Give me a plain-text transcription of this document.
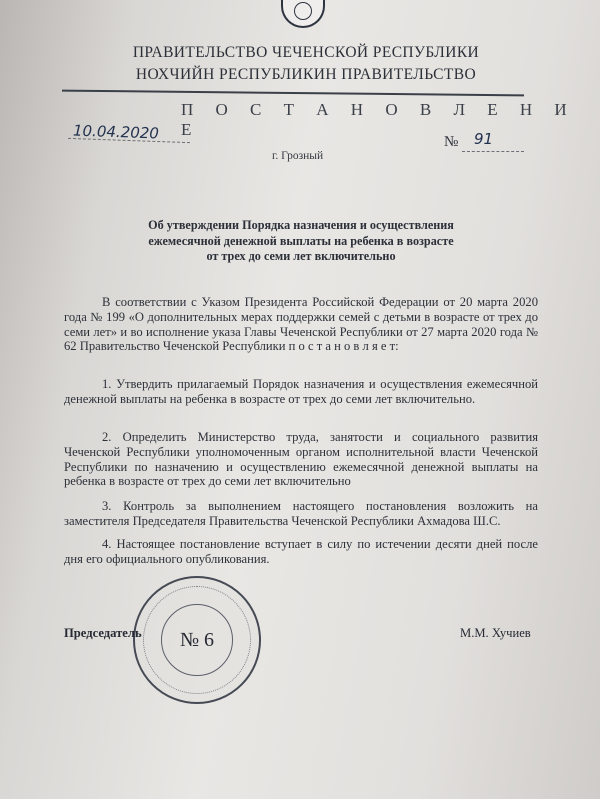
ПРАВИТЕЛЬСТВО ЧЕЧЕНСКОЙ РЕСПУБЛИКИ
НОХЧИЙН РЕСПУБЛИКИН ПРАВИТЕЛЬСТВО
П О С Т А Н О В Л Е Н И Е
10.04.2020	№ 91
г. Грозный
Об утверждении Порядка назначения и осуществления
ежемесячной денежной выплаты на ребенка в возрасте
от трех до семи лет включительно
В соответствии с Указом Президента Российской Федерации от 20 марта 2020 года № 199 «О дополнительных мерах поддержки семей с детьми в возрасте от трех до семи лет» и во исполнение указа Главы Чеченской Республики от 27 марта 2020 года № 62 Правительство Чеченской Республики п о с т а н о в л я е т:
1. Утвердить прилагаемый Порядок назначения и осуществления ежемесячной денежной выплаты на ребенка в возрасте от трех до семи лет включительно.
2. Определить Министерство труда, занятости и социального развития Чеченской Республики уполномоченным органом исполнительной власти Чеченской Республики по назначению и осуществлению ежемесячной денежной выплаты на ребенка в возрасте от трех до семи лет включительно
3. Контроль за выполнением настоящего постановления возложить на заместителя Председателя Правительства Чеченской Республики Ахмадова Ш.С.
4. Настоящее постановление вступает в силу по истечении десяти дней после дня его официального опубликования.
№ 6
Председатель	М.М. Хучиев
